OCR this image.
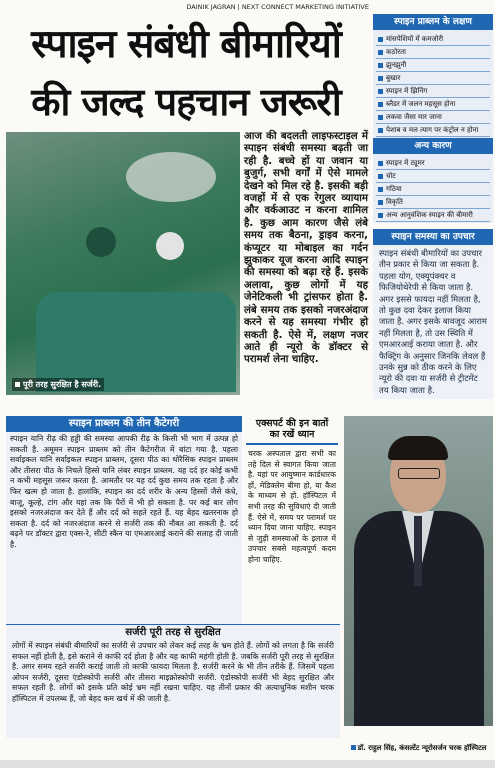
DAINIK JAGRAN | NEXT CONNECT MARKETING INITIATIVE
स्पाइन संबंधी बीमारियों
की जल्द पहचान जरूरी
पूरी तरह सुरक्षित है सर्जरी.
आज की बदलती लाइफस्टाइल में स्पाइन संबंधी समस्या बढ़ती जा रही है. बच्चे हों या जवान या बुजुर्ग, सभी वर्गों में ऐसे मामले देखने को मिल रहे है. इसकी बड़ी वजहों में से एक रेगुलर व्यायाम और वर्कआउट न करना शामिल है. कुछ आम कारण जैसे लंबे समय तक बैठना, ड्राइव करना, कंप्यूटर या मोबाइल का गर्दन झुकाकर यूज करना आदि स्पाइन की समस्या को बढ़ा रहे हैं. इसके अलावा, कुछ लोगों में यह जेनेटिकली भी ट्रांसफर होता है. लंबे समय तक इसको नजरअंदाज करने से यह समस्या गंभीर हो सकती है. ऐसे में, लक्षण नजर आते ही न्यूरो के डॉक्टर से परामर्श लेना चाहिए.
स्पाइन प्राब्लम के लक्षण
मांसपेशियों में कमजोरी
कठोरता
झुनझुनी
बुखार
स्पाइन में झिनिंग
ब्लैडर में जलन महसूस होना
लकवा जैसा मार जाना
पेशाब व मल त्याग पर कंट्रोल न होना
अन्य कारण
स्पाइन में ट्यूमर
चोट
गठिया
विकृति
अन्य आनुवंशिक स्पाइन की बीमारी
स्पाइन समस्या का उपचार
स्पाइन संबंधी बीमारियों का उपचार तीन प्रकार से किया जा सकता है. पहला योग, एक्यूपंक्चर व फिजियोथेरेपी से किया जाता है. अगर इससे फायदा नहीं मिलता है, तो कुछ दवा देकर इलाज किया जाता है. अगर इसके बावजूद आराम नहीं मिलता है, तो उस स्थिति में एमआरआई कराया जाता है. और फैक्ट्रिंग के अनुसार जिनकि लेवल हैं उनके सुन्न को ठीक करने के लिए न्यूरो की दवा या सर्जरी से ट्रीटमेंट तय किया जाता है.
स्पाइन प्राब्लम की तीन कैटेगरी
स्पाइन यानि रीढ़ की हड्डी की समस्या आपकी रीढ़ के किसी भी भाग में उत्पन्न हो सकती है. अमूमन स्पाइन प्राब्लम को तीन कैटेगरीज में बांटा गया है. पहला सर्वाइकल यानि सर्वाइकल स्पाइन प्राब्लम, दूसरा पीठ का थोरैसिक स्पाइन प्राब्लम और तीसरा पीठ के निचले हिस्से यानि लंबर स्पाइन प्राब्लम. यह दर्द हर कोई कभी न कभी महसूस जरूर करता है. आमतौर पर यह दर्द कुछ समय तक रहता है और फिर खत्म हो जाता है. हालांकि, स्पाइन का दर्द शरीर के अन्य हिस्सों जैसे कंधे, बाजू, कूल्हे, टांग और यहां तक कि पैरों में भी हो सकता है. पर कई बार लोग इसको नजरअंदाज कर देते हैं और दर्द को सहते रहते हैं. यह बेहद खतरनाक हो सकता है. दर्द को नजरअंदाज करने से सर्जरी तक की नौबत आ सकती है. दर्द बढ़ने पर डॉक्टर द्वारा एक्स-रे, सीटी स्कैन या एमआरआई कराने की सलाह दी जाती है.
एक्सपर्ट की इन बातों
का रखें ध्यान
चरक अस्पताल द्वारा सभी का तहे दिल से स्वागत किया जाता है. यहां पर आयुष्मान कार्डधारक हों, मेडिक्लेम बीमा हो, या कैश के माध्यम से हो. हॉस्पिटल में सभी तरह की सुविधाएं दी जाती हैं. ऐसे में, समय पर परामर्श पर ध्यान दिया जाना चाहिए. स्पाइन से जुड़ी समस्याओं के इलाज में उपचार सबसे महत्वपूर्ण कदम होना चाहिए.
डॉ. राहुल सिंह, कंसल्टेंट न्यूरोसर्जन चरक हॉस्पिटल
सर्जरी पूरी तरह से सुरक्षित
लोगों में स्पाइन संबंधी बीमारियों का सर्जरी से उपचार को लेकर कई तरह के भ्रम होते हैं. लोगों को लगता है कि सर्जरी सफल नहीं होती है, इसे कराने से काफी दर्द होता है और यह काफी महंगी होती है. जबकि सर्जरी पूरी तरह से सुरक्षित है. अगर समय रहते सर्जरी कराई जाती तो काफी फायदा मिलता है. सर्जरी करने के भी तीन तरीके हैं. जिसमें पहला ओपन सर्जरी, दूसरा एंडोस्कोपी सर्जरी और तीसरा माइक्रोस्कोपी सर्जरी. एंडोस्कोपी सर्जरी भी बेहद सुरक्षित और सफल रहती है. लोगों को इसके प्रति कोई भ्रम नहीं रखना चाहिए. यह तीनों प्रकार की अत्याधुनिक मशीन चरक हॉस्पिटल में उपलब्ध हैं, जो बेहद कम खर्च में की जाती है.
